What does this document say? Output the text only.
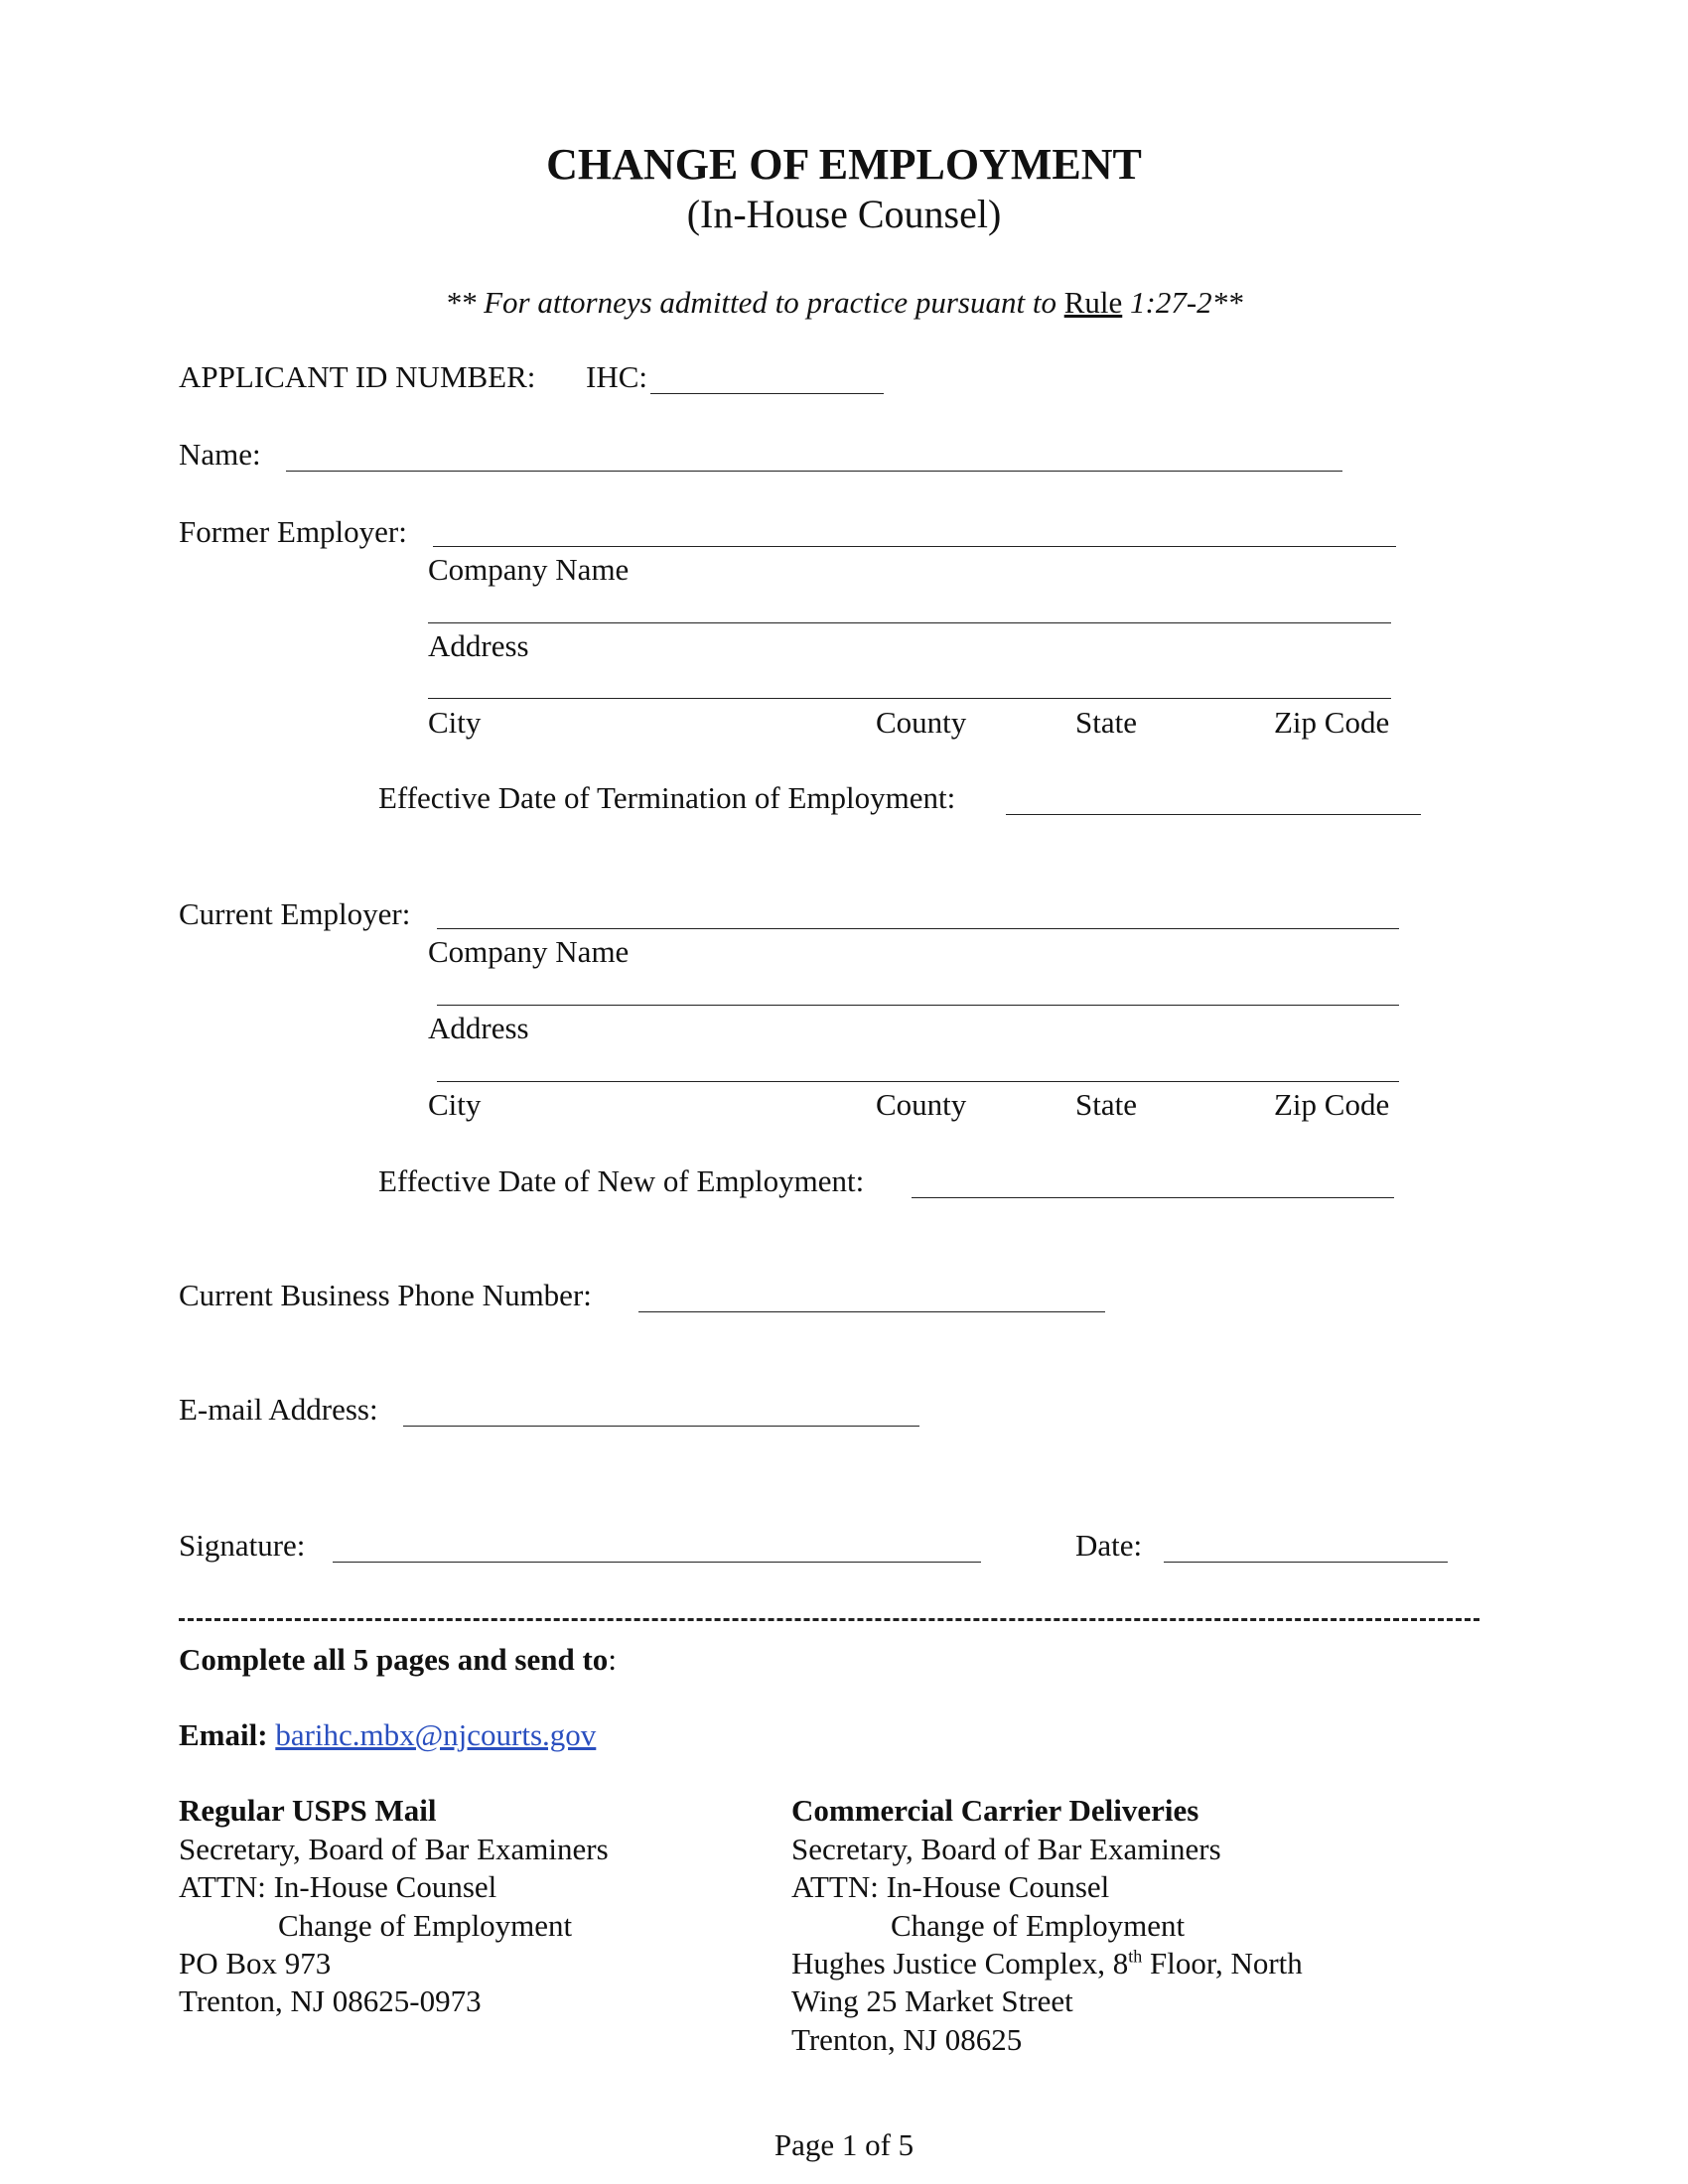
CHANGE OF EMPLOYMENT
(In-House Counsel)
** For attorneys admitted to practice pursuant to Rule 1:27-2**
APPLICANT ID NUMBER: IHC:
Name:
Former Employer:
Company Name
Address
City	County	State	Zip Code
Effective Date of Termination of Employment:
Current Employer:
Company Name
Address
City	County	State	Zip Code
Effective Date of New of Employment:
Current Business Phone Number:
E-mail Address:
Signature:	Date:
Complete all 5 pages and send to:
Email: barihc.mbx@njcourts.gov
Regular USPS Mail
Secretary, Board of Bar Examiners
ATTN: In-House Counsel
Change of Employment
PO Box 973
Trenton, NJ 08625-0973
Commercial Carrier Deliveries
Secretary, Board of Bar Examiners
ATTN: In-House Counsel
Change of Employment
Hughes Justice Complex, 8th Floor, North
Wing 25 Market Street
Trenton, NJ 08625
Page 1 of 5
